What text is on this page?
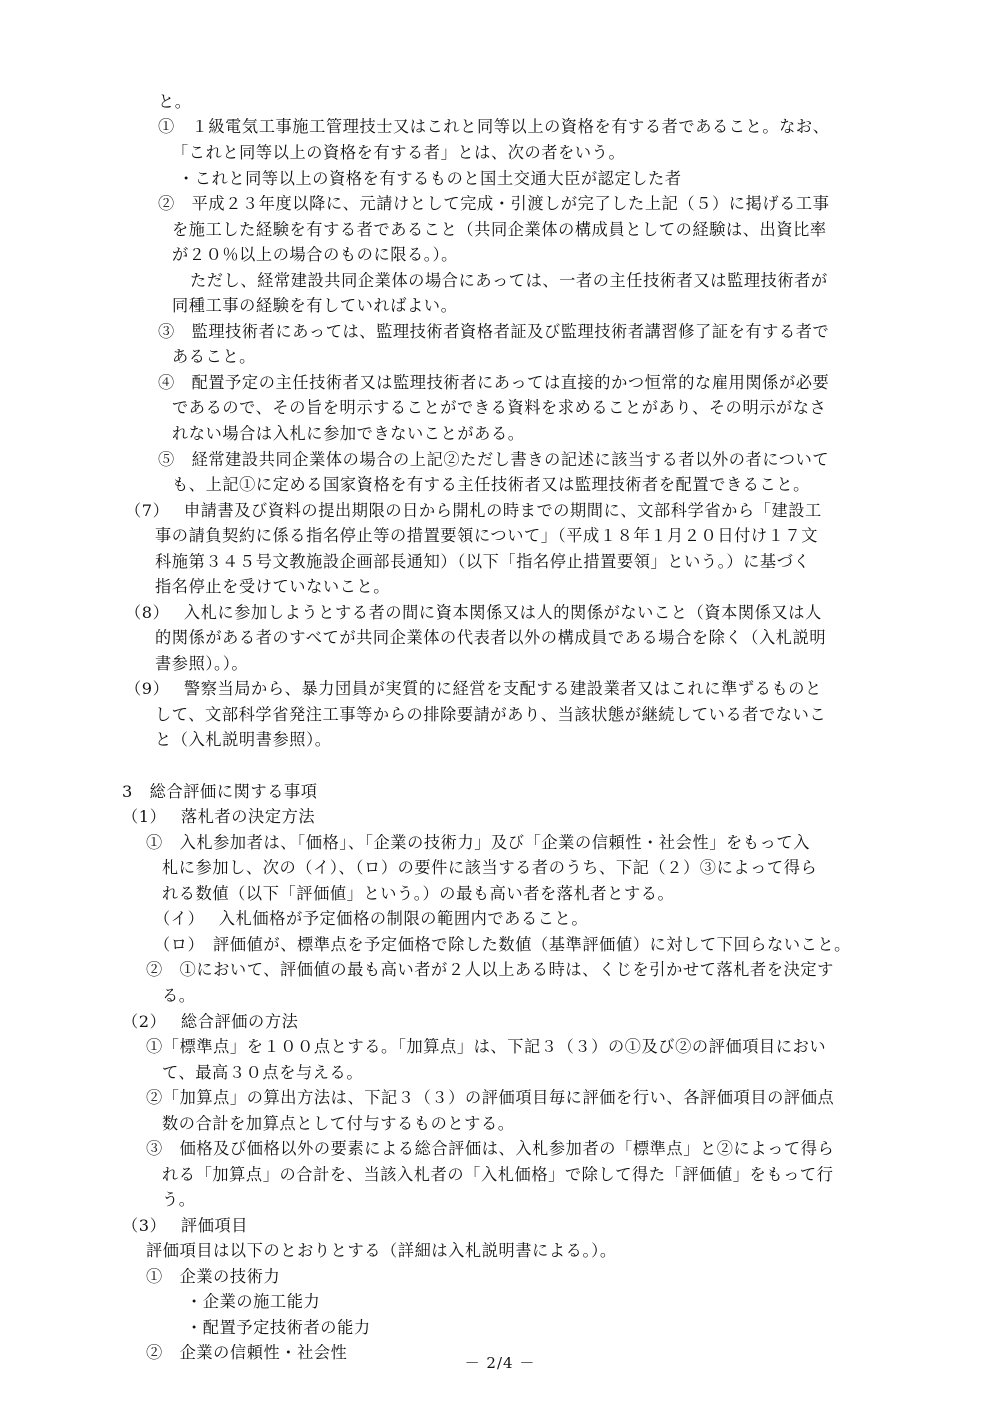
と。
①　１級電気工事施工管理技士又はこれと同等以上の資格を有する者であること。なお、
「これと同等以上の資格を有する者」とは、次の者をいう。
・これと同等以上の資格を有するものと国土交通大臣が認定した者
②　平成２３年度以降に、元請けとして完成・引渡しが完了した上記（５）に掲げる工事
を施工した経験を有する者であること（共同企業体の構成員としての経験は、出資比率
が２０％以上の場合のものに限る。）。
ただし、経常建設共同企業体の場合にあっては、一者の主任技術者又は監理技術者が
同種工事の経験を有していればよい。
③　監理技術者にあっては、監理技術者資格者証及び監理技術者講習修了証を有する者で
あること。
④　配置予定の主任技術者又は監理技術者にあっては直接的かつ恒常的な雇用関係が必要
であるので、その旨を明示することができる資料を求めることがあり、その明示がなさ
れない場合は入札に参加できないことがある。
⑤　経常建設共同企業体の場合の上記②ただし書きの記述に該当する者以外の者について
も、上記①に定める国家資格を有する主任技術者又は監理技術者を配置できること。
（7）　 申請書及び資料の提出期限の日から開札の時までの期間に、文部科学省から「建設工
事の請負契約に係る指名停止等の措置要領について」（平成１８年１月２０日付け１７文
科施第３４５号文教施設企画部長通知）（以下「指名停止措置要領」という。）に基づく
指名停止を受けていないこと。
（8）　 入札に参加しようとする者の間に資本関係又は人的関係がないこと（資本関係又は人
的関係がある者のすべてが共同企業体の代表者以外の構成員である場合を除く（入札説明
書参照）。）。
（9）　 警察当局から、暴力団員が実質的に経営を支配する建設業者又はこれに準ずるものと
して、文部科学省発注工事等からの排除要請があり、当該状態が継続している者でないこ
と（入札説明書参照）。
3　総合評価に関する事項
（1）　 落札者の決定方法
①　入札参加者は、「価格」、「企業の技術力」及び「企業の信頼性・社会性」をもって入
札に参加し、次の（イ）、（ロ）の要件に該当する者のうち、下記（２）③によって得ら
れる数値（以下「評価値」という。）の最も高い者を落札者とする。
（イ）　 入札価格が予定価格の制限の範囲内であること。
（ロ）　評価値が、標準点を予定価格で除した数値（基準評価値）に対して下回らないこと。
②　①において、評価値の最も高い者が２人以上ある時は、くじを引かせて落札者を決定す
る。
（2）　 総合評価の方法
①「標準点」を１００点とする。「加算点」は、下記３（３）の①及び②の評価項目におい
て、最高３０点を与える。
②「加算点」の算出方法は、下記３（３）の評価項目毎に評価を行い、各評価項目の評価点
数の合計を加算点として付与するものとする。
③　価格及び価格以外の要素による総合評価は、入札参加者の「標準点」と②によって得ら
れる「加算点」の合計を、当該入札者の「入札価格」で除して得た「評価値」をもって行
う。
（3）　 評価項目
評価項目は以下のとおりとする（詳細は入札説明書による。）。
①　企業の技術力
・企業の施工能力
・配置予定技術者の能力
②　企業の信頼性・社会性
－ 2/4 －
